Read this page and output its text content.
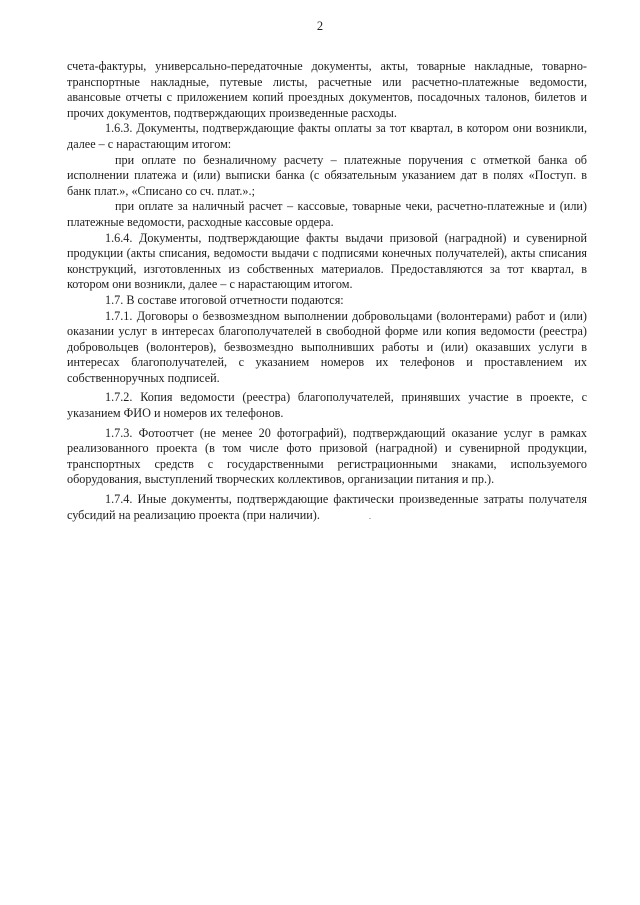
2

счета-фактуры, универсально-передаточные документы, акты, товарные накладные, товарно-транспортные накладные, путевые листы, расчетные или расчетно-платежные ведомости, авансовые отчеты с приложением копий проездных документов, посадочных талонов, билетов и прочих документов, подтверждающих произведенные расходы.

1.6.3. Документы, подтверждающие факты оплаты за тот квартал, в котором они возникли, далее – с нарастающим итогом:

при оплате по безналичному расчету – платежные поручения с отметкой банка об исполнении платежа и (или) выписки банка (с обязательным указанием дат в полях «Поступ. в банк плат.», «Списано со сч. плат.».;

при оплате за наличный расчет – кассовые, товарные чеки, расчетно-платежные и (или) платежные ведомости, расходные кассовые ордера.

1.6.4. Документы, подтверждающие факты выдачи призовой (наградной) и сувенирной продукции (акты списания, ведомости выдачи с подписями конечных получателей), акты списания конструкций, изготовленных из собственных материалов. Предоставляются за тот квартал, в котором они возникли, далее – с нарастающим итогом.

1.7. В составе итоговой отчетности подаются:

1.7.1. Договоры о безвозмездном выполнении добровольцами (волонтерами) работ и (или) оказании услуг в интересах благополучателей в свободной форме или копия ведомости (реестра) добровольцев (волонтеров), безвозмездно выполнивших работы и (или) оказавших услуги в интересах благополучателей, с указанием номеров их телефонов и проставлением их собственноручных подписей.

1.7.2. Копия ведомости (реестра) благополучателей, принявших участие в проекте, с указанием ФИО и номеров их телефонов.

1.7.3. Фотоотчет (не менее 20 фотографий), подтверждающий оказание услуг в рамках реализованного проекта (в том числе фото призовой (наградной) и сувенирной продукции, транспортных средств с государственными регистрационными знаками, используемого оборудования, выступлений творческих коллективов, организации питания и пр.).

1.7.4. Иные документы, подтверждающие фактически произведенные затраты получателя субсидий на реализацию проекта (при наличии).
